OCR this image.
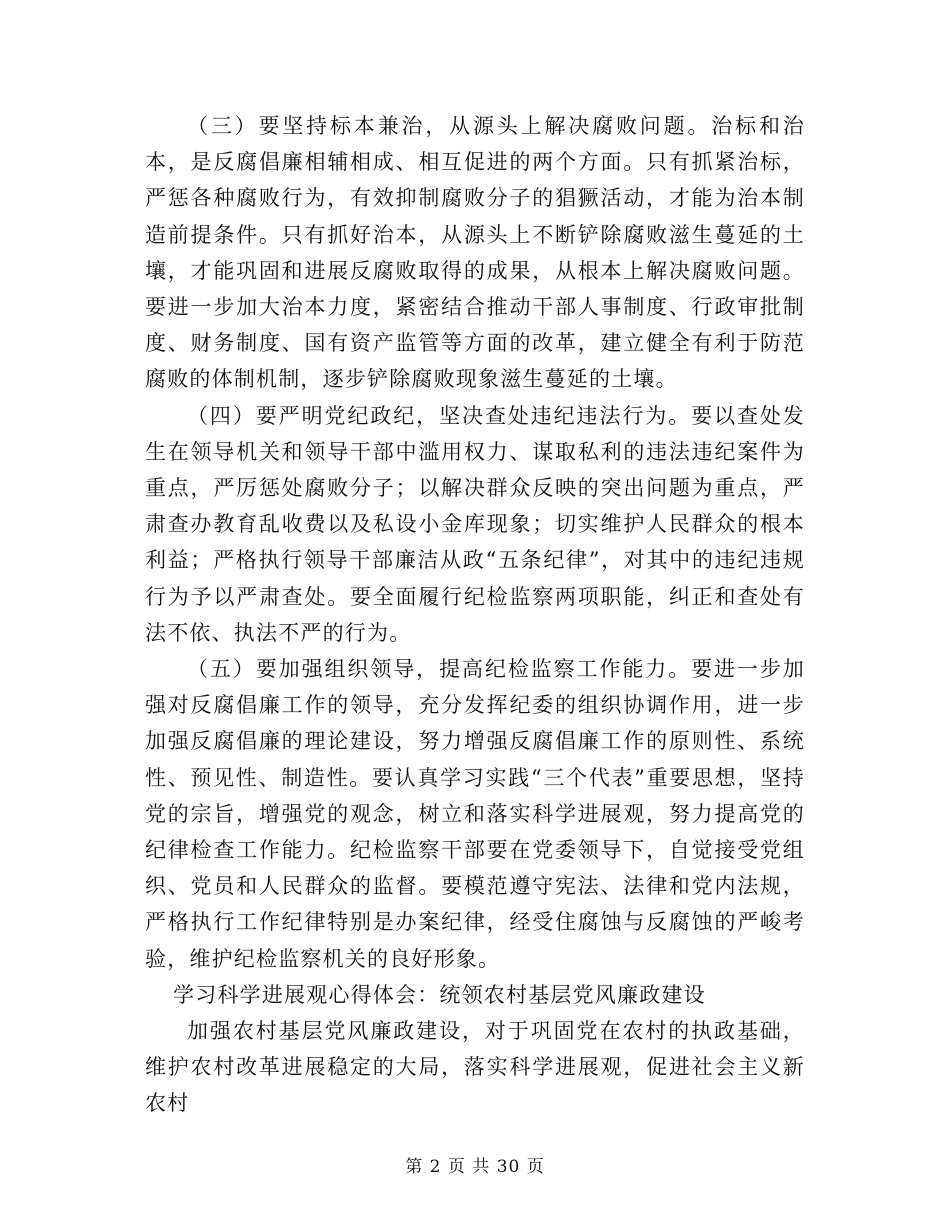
（三）要坚持标本兼治，从源头上解决腐败问题。治标和治本，是反腐倡廉相辅相成、相互促进的两个方面。只有抓紧治标，严惩各种腐败行为，有效抑制腐败分子的猖獗活动，才能为治本制造前提条件。只有抓好治本，从源头上不断铲除腐败滋生蔓延的土壤，才能巩固和进展反腐败取得的成果，从根本上解决腐败问题。要进一步加大治本力度，紧密结合推动干部人事制度、行政审批制度、财务制度、国有资产监管等方面的改革，建立健全有利于防范腐败的体制机制，逐步铲除腐败现象滋生蔓延的土壤。

（四）要严明党纪政纪，坚决查处违纪违法行为。要以查处发生在领导机关和领导干部中滥用权力、谋取私利的违法违纪案件为重点，严厉惩处腐败分子；以解决群众反映的突出问题为重点，严肃查办教育乱收费以及私设小金库现象；切实维护人民群众的根本利益；严格执行领导干部廉洁从政“五条纪律”，对其中的违纪违规行为予以严肃查处。要全面履行纪检监察两项职能，纠正和查处有法不依、执法不严的行为。

（五）要加强组织领导，提高纪检监察工作能力。要进一步加强对反腐倡廉工作的领导，充分发挥纪委的组织协调作用，进一步加强反腐倡廉的理论建设，努力增强反腐倡廉工作的原则性、系统性、预见性、制造性。要认真学习实践“三个代表”重要思想，坚持党的宗旨，增强党的观念，树立和落实科学进展观，努力提高党的纪律检查工作能力。纪检监察干部要在党委领导下，自觉接受党组织、党员和人民群众的监督。要模范遵守宪法、法律和党内法规，严格执行工作纪律特别是办案纪律，经受住腐蚀与反腐蚀的严峻考验，维护纪检监察机关的良好形象。

学习科学进展观心得体会：统领农村基层党风廉政建设

加强农村基层党风廉政建设，对于巩固党在农村的执政基础，维护农村改革进展稳定的大局，落实科学进展观，促进社会主义新农村

第 2 页 共 30 页
